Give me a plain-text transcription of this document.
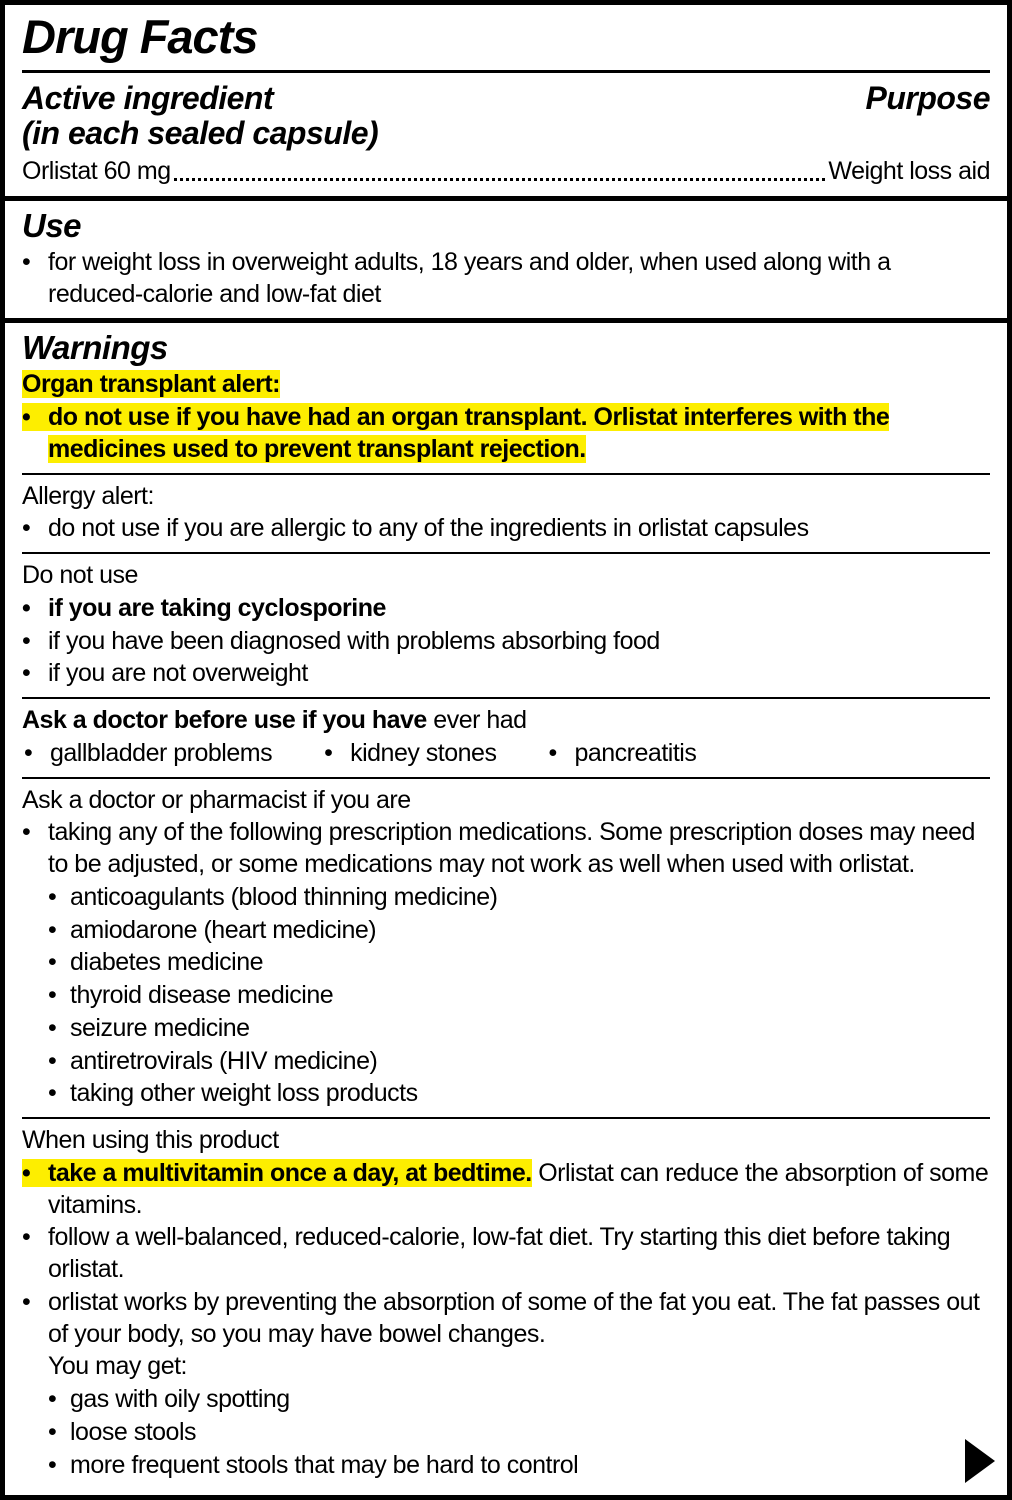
Drug Facts
Active ingredient
(in each sealed capsule)
Purpose
Orlistat 60 mg	Weight loss aid
Use
• for weight loss in overweight adults, 18 years and older, when used along with a reduced-calorie and low-fat diet
Warnings
Organ transplant alert:
• do not use if you have had an organ transplant. Orlistat interferes with the medicines used to prevent transplant rejection.
Allergy alert:
• do not use if you are allergic to any of the ingredients in orlistat capsules
Do not use
• if you are taking cyclosporine
• if you have been diagnosed with problems absorbing food
• if you are not overweight
Ask a doctor before use if you have ever had
• gallbladder problems • kidney stones • pancreatitis
Ask a doctor or pharmacist if you are
• taking any of the following prescription medications. Some prescription doses may need to be adjusted, or some medications may not work as well when used with orlistat.
• anticoagulants (blood thinning medicine)
• amiodarone (heart medicine)
• diabetes medicine
• thyroid disease medicine
• seizure medicine
• antiretrovirals (HIV medicine)
• taking other weight loss products
When using this product
• take a multivitamin once a day, at bedtime. Orlistat can reduce the absorption of some vitamins.
• follow a well-balanced, reduced-calorie, low-fat diet. Try starting this diet before taking orlistat.
• orlistat works by preventing the absorption of some of the fat you eat. The fat passes out of your body, so you may have bowel changes.
You may get:
• gas with oily spotting
• loose stools
• more frequent stools that may be hard to control
